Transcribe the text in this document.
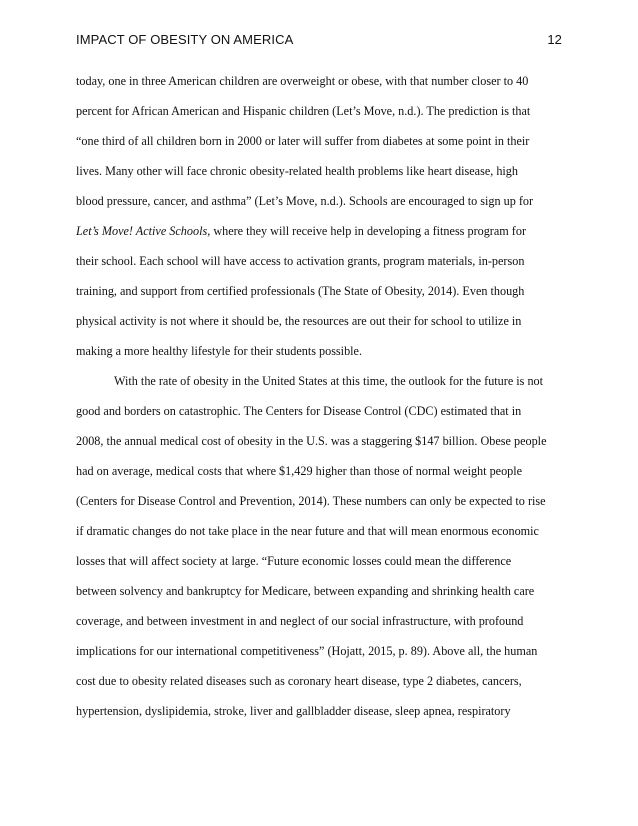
IMPACT OF OBESITY ON AMERICA	12
today, one in three American children are overweight or obese, with that number closer to 40
percent for African American and Hispanic children (Let’s Move, n.d.). The prediction is that
“one third of all children born in 2000 or later will suffer from diabetes at some point in their
lives. Many other will face chronic obesity-related health problems like heart disease, high
blood pressure, cancer, and asthma” (Let’s Move, n.d.). Schools are encouraged to sign up for
Let’s Move! Active Schools, where they will receive help in developing a fitness program for
their school. Each school will have access to activation grants, program materials, in-person
training, and support from certified professionals (The State of Obesity, 2014). Even though
physical activity is not where it should be, the resources are out their for school to utilize in
making a more healthy lifestyle for their students possible.
With the rate of obesity in the United States at this time, the outlook for the future is not
good and borders on catastrophic. The Centers for Disease Control (CDC) estimated that in
2008, the annual medical cost of obesity in the U.S. was a staggering $147 billion. Obese people
had on average, medical costs that where $1,429 higher than those of normal weight people
(Centers for Disease Control and Prevention, 2014). These numbers can only be expected to rise
if dramatic changes do not take place in the near future and that will mean enormous economic
losses that will affect society at large. “Future economic losses could mean the difference
between solvency and bankruptcy for Medicare, between expanding and shrinking health care
coverage, and between investment in and neglect of our social infrastructure, with profound
implications for our international competitiveness” (Hojatt, 2015, p. 89). Above all, the human
cost due to obesity related diseases such as coronary heart disease, type 2 diabetes, cancers,
hypertension, dyslipidemia, stroke, liver and gallbladder disease, sleep apnea, respiratory
